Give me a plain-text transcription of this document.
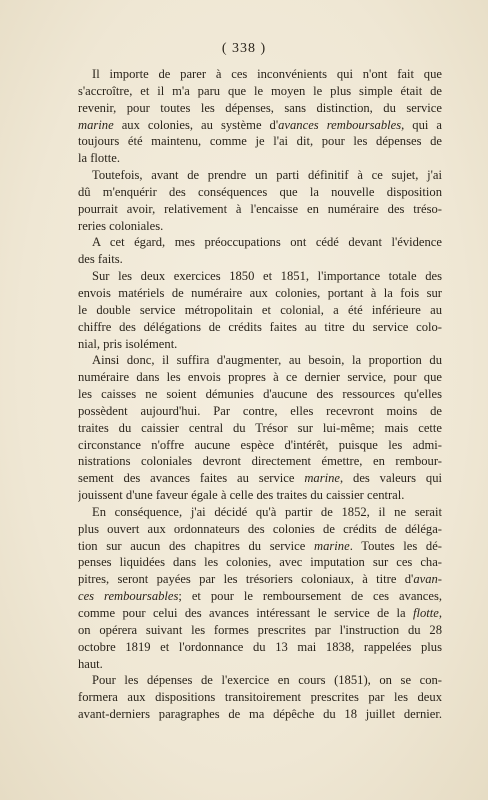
( 338 )
Il importe de parer à ces inconvénients qui n'ont fait que
s'accroître, et il m'a paru que le moyen le plus simple était de
revenir, pour toutes les dépenses, sans distinction, du service
marine aux colonies, au système d'avances remboursables, qui a
toujours été maintenu, comme je l'ai dit, pour les dépenses de
la flotte.
Toutefois, avant de prendre un parti définitif à ce sujet, j'ai
dû m'enquérir des conséquences que la nouvelle disposition
pourrait avoir, relativement à l'encaisse en numéraire des tréso-
reries coloniales.
A cet égard, mes préoccupations ont cédé devant l'évidence
des faits.
Sur les deux exercices 1850 et 1851, l'importance totale des
envois matériels de numéraire aux colonies, portant à la fois sur
le double service métropolitain et colonial, a été inférieure au
chiffre des délégations de crédits faites au titre du service colo-
nial, pris isolément.
Ainsi donc, il suffira d'augmenter, au besoin, la proportion du
numéraire dans les envois propres à ce dernier service, pour que
les caisses ne soient démunies d'aucune des ressources qu'elles
possèdent aujourd'hui. Par contre, elles recevront moins de
traites du caissier central du Trésor sur lui-même; mais cette
circonstance n'offre aucune espèce d'intérêt, puisque les admi-
nistrations coloniales devront directement émettre, en rembour-
sement des avances faites au service marine, des valeurs qui
jouissent d'une faveur égale à celle des traites du caissier central.
En conséquence, j'ai décidé qu'à partir de 1852, il ne serait
plus ouvert aux ordonnateurs des colonies de crédits de déléga-
tion sur aucun des chapitres du service marine. Toutes les dé-
penses liquidées dans les colonies, avec imputation sur ces cha-
pitres, seront payées par les trésoriers coloniaux, à titre d'avan-
ces remboursables; et pour le remboursement de ces avances,
comme pour celui des avances intéressant le service de la flotte,
on opérera suivant les formes prescrites par l'instruction du 28
octobre 1819 et l'ordonnance du 13 mai 1838, rappelées plus
haut.
Pour les dépenses de l'exercice en cours (1851), on se con-
formera aux dispositions transitoirement prescrites par les deux
avant-derniers paragraphes de ma dépêche du 18 juillet dernier.
